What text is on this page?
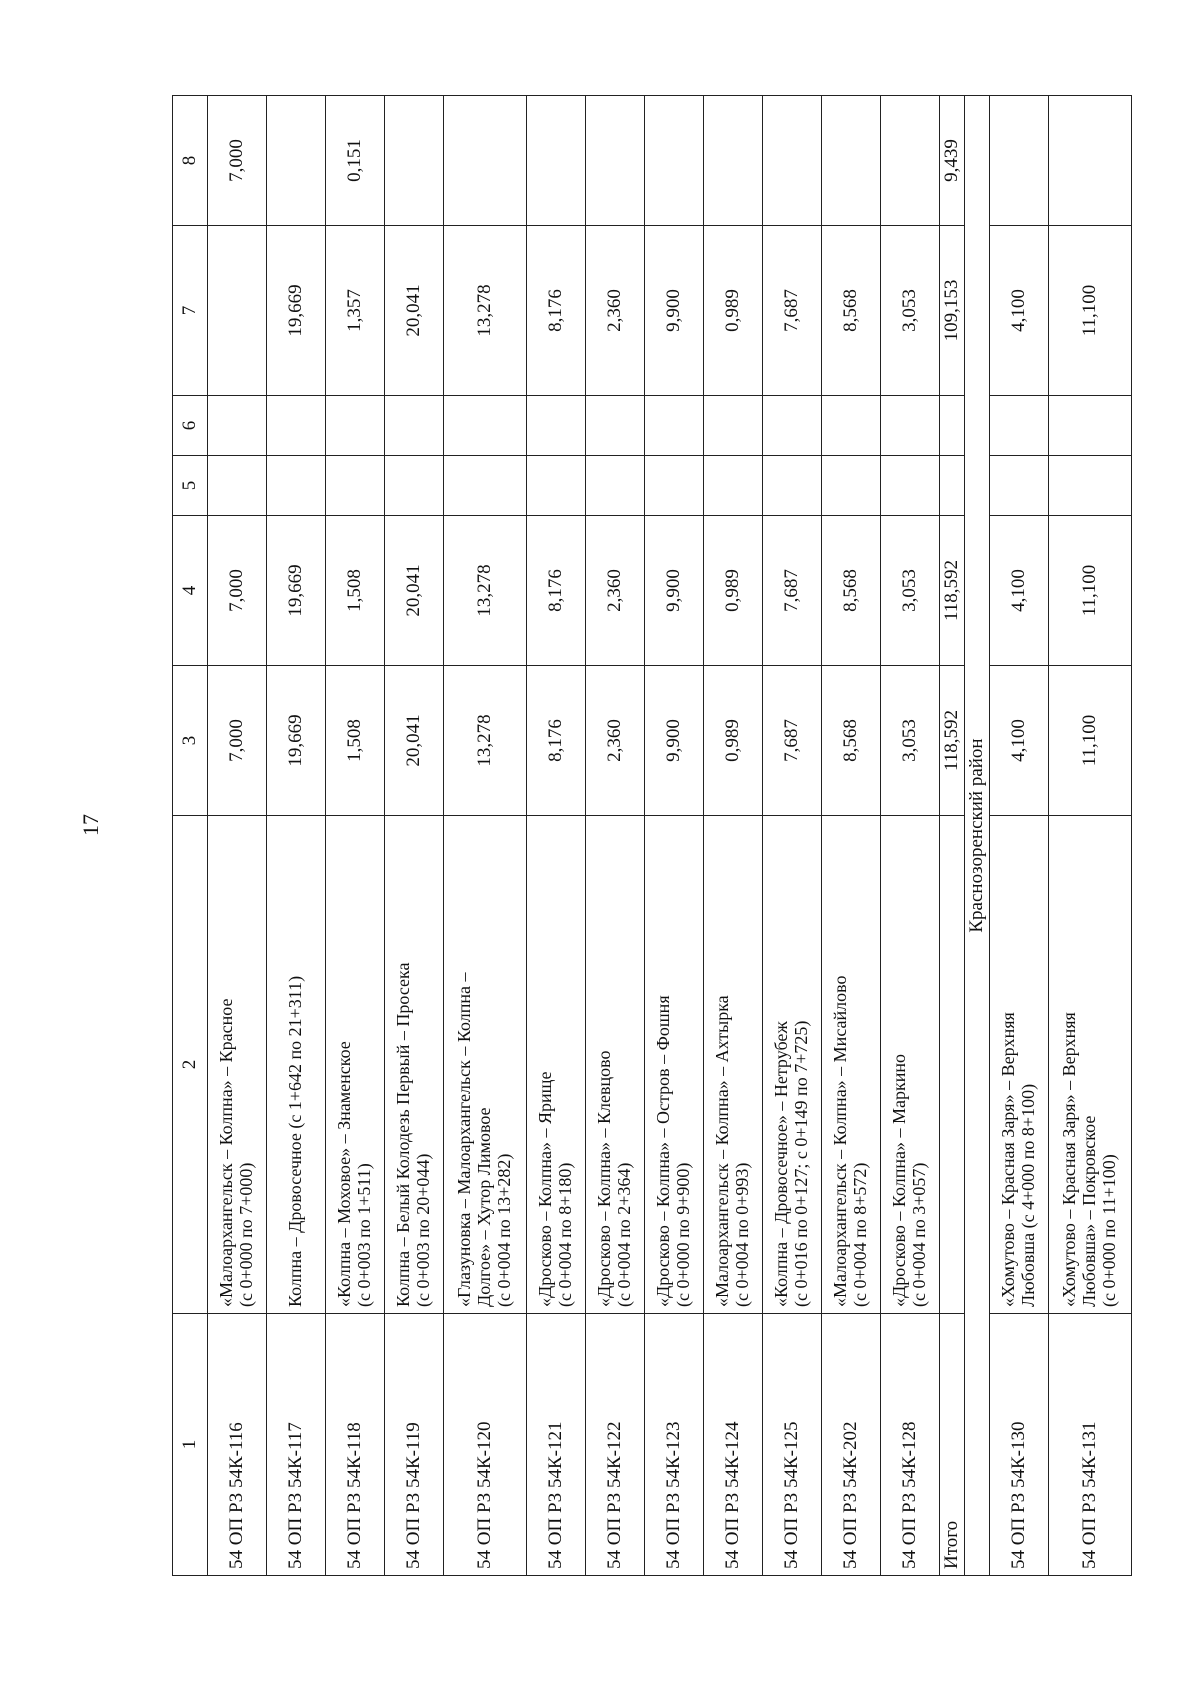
17
1	2	3	4	5	6	7	8
54 ОП РЗ 54К-116	«Малоархангельск – Колпна» – Красное (с 0+000 по 7+000)	7,000	7,000				7,000
54 ОП РЗ 54К-117	Колпна – Дровосечное (с 1+642 по 21+311)	19,669	19,669			19,669	
54 ОП РЗ 54К-118	«Колпна – Моховое» – Знаменское (с 0+003 по 1+511)	1,508	1,508			1,357	0,151
54 ОП РЗ 54К-119	Колпна – Белый Колодезь Первый – Просека (с 0+003 по 20+044)	20,041	20,041			20,041	
54 ОП РЗ 54К-120	«Глазуновка – Малоархангельск – Колпна – Долгое» – Хутор Лимовое (с 0+004 по 13+282)	13,278	13,278			13,278	
54 ОП РЗ 54К-121	«Дросково – Колпна» – Ярище (с 0+004 по 8+180)	8,176	8,176			8,176	
54 ОП РЗ 54К-122	«Дросково – Колпна» – Клевцово (с 0+004 по 2+364)	2,360	2,360			2,360	
54 ОП РЗ 54К-123	«Дросково – Колпна» – Остров – Фошня (с 0+000 по 9+900)	9,900	9,900			9,900	
54 ОП РЗ 54К-124	«Малоархангельск – Колпна» – Ахтырка (с 0+004 по 0+993)	0,989	0,989			0,989	
54 ОП РЗ 54К-125	«Колпна – Дровосечное» – Нетрубеж (с 0+016 по 0+127; с 0+149 по 7+725)	7,687	7,687			7,687	
54 ОП РЗ 54К-202	«Малоархангельск – Колпна» – Мисайлово (с 0+004 по 8+572)	8,568	8,568			8,568	
54 ОП РЗ 54К-128	«Дросково – Колпна» – Маркино (с 0+004 по 3+057)	3,053	3,053			3,053	
Итого		118,592	118,592			109,153	9,439
Краснозоренский район							
54 ОП РЗ 54К-130	«Хомутово – Красная Заря» – Верхняя Любовша (с 4+000 по 8+100)	4,100	4,100			4,100	
54 ОП РЗ 54К-131	«Хомутово – Красная Заря» – Верхняя Любовша» – Покровское (с 0+000 по 11+100)	11,100	11,100			11,100	
